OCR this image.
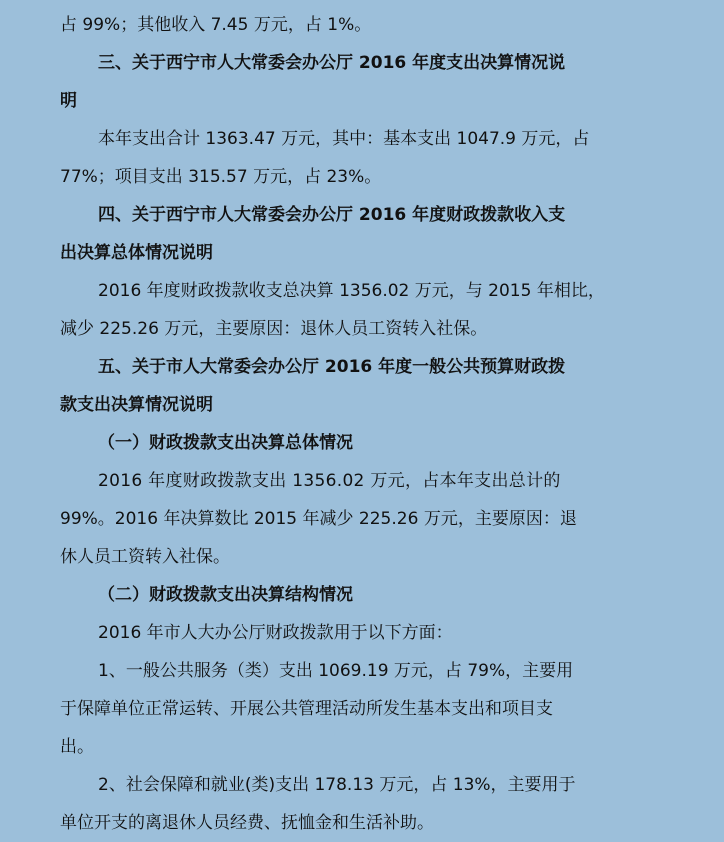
占 99%；其他收入 7.45 万元，占 1%。
三、关于西宁市人大常委会办公厅 2016 年度支出决算情况说
明
本年支出合计 1363.47 万元，其中：基本支出 1047.9 万元，占
77%；项目支出 315.57 万元，占 23%。
四、关于西宁市人大常委会办公厅 2016 年度财政拨款收入支
出决算总体情况说明
2016 年度财政拨款收支总决算 1356.02 万元，与 2015 年相比，
减少 225.26 万元，主要原因：退休人员工资转入社保。
五、关于市人大常委会办公厅 2016 年度一般公共预算财政拨
款支出决算情况说明
（一）财政拨款支出决算总体情况
2016 年度财政拨款支出 1356.02 万元，占本年支出总计的
99%。2016 年决算数比 2015 年减少 225.26 万元，主要原因：退
休人员工资转入社保。
（二）财政拨款支出决算结构情况
2016 年市人大办公厅财政拨款用于以下方面：
1、一般公共服务（类）支出 1069.19 万元，占 79%，主要用
于保障单位正常运转、开展公共管理活动所发生基本支出和项目支
出。
2、社会保障和就业(类)支出 178.13 万元，占 13%，主要用于
单位开支的离退休人员经费、抚恤金和生活补助。
